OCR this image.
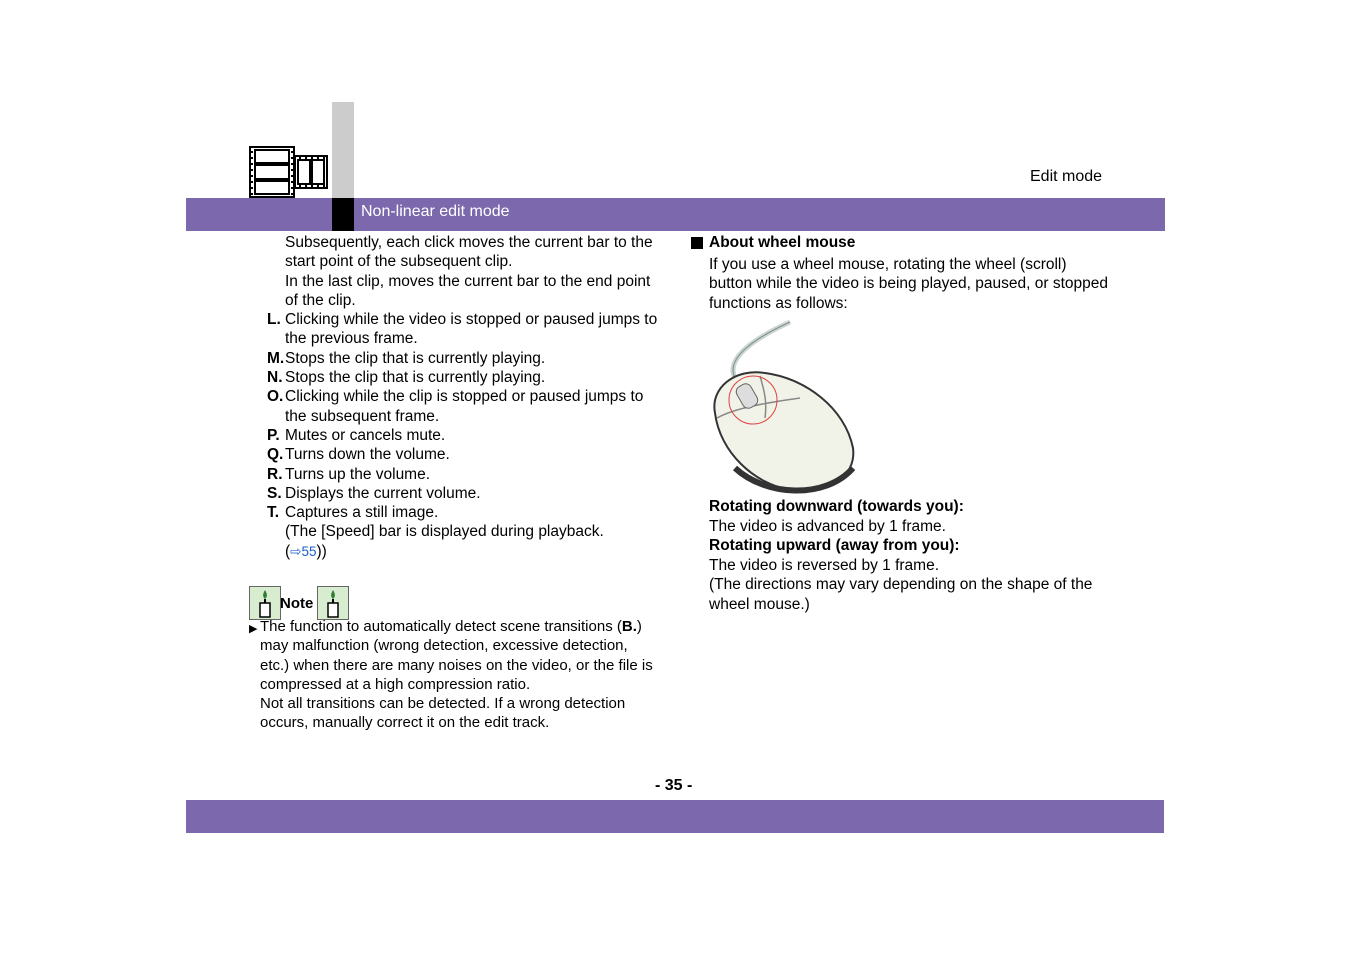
Edit mode
Non-linear edit mode
Subsequently, each click moves the current bar to the start point of the subsequent clip.
In the last clip, moves the current bar to the end point of the clip.
L. Clicking while the video is stopped or paused jumps to the previous frame.
M. Stops the clip that is currently playing.
N. Stops the clip that is currently playing.
O. Clicking while the clip is stopped or paused jumps to the subsequent frame.
P. Mutes or cancels mute.
Q. Turns down the volume.
R. Turns up the volume.
S. Displays the current volume.
T. Captures a still image.
(The [Speed] bar is displayed during playback.
(⇨55))
Note
▶ The function to automatically detect scene transitions (B.) may malfunction (wrong detection, excessive detection, etc.) when there are many noises on the video, or the file is compressed at a high compression ratio.
Not all transitions can be detected. If a wrong detection occurs, manually correct it on the edit track.
About wheel mouse
If you use a wheel mouse, rotating the wheel (scroll) button while the video is being played, paused, or stopped functions as follows:
Rotating downward (towards you):
The video is advanced by 1 frame.
Rotating upward (away from you):
The video is reversed by 1 frame.
(The directions may vary depending on the shape of the wheel mouse.)
- 35 -
